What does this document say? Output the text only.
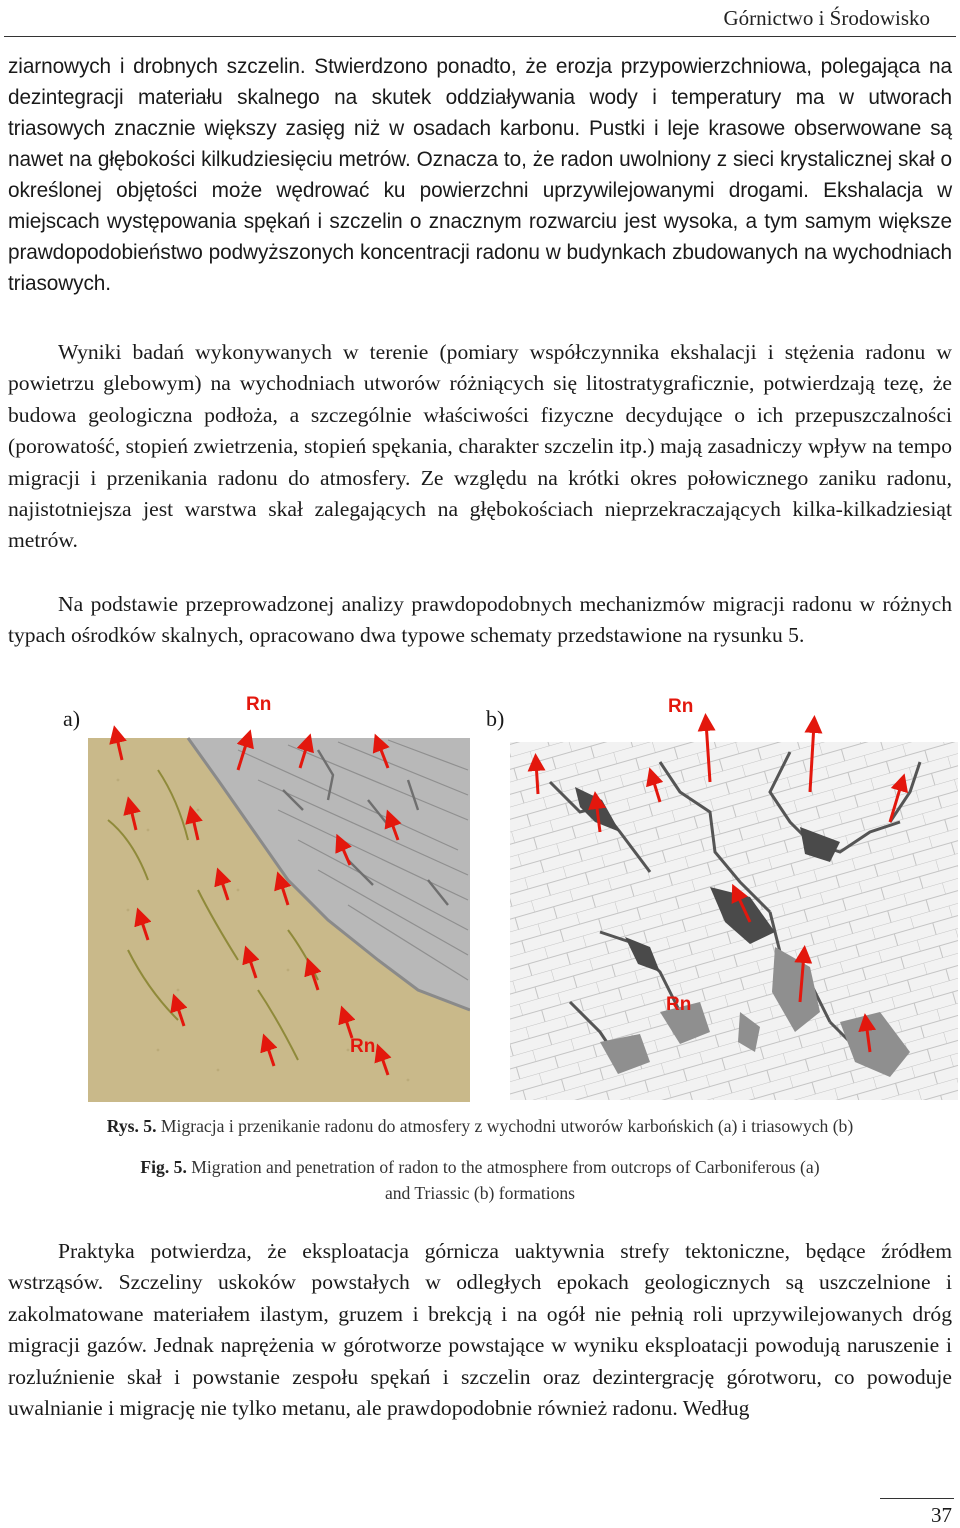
Górnictwo i Środowisko

ziarnowych i drobnych szczelin. Stwierdzono ponadto, że erozja przypowierzchniowa, polegająca na dezintegracji materiału skalnego na skutek oddziaływania wody i temperatury ma w utworach triasowych znacznie większy zasięg niż w osadach karbonu. Pustki i leje krasowe obserwowane są nawet na głębokości kilkudziesięciu metrów. Oznacza to, że radon uwolniony z sieci krystalicznej skał o określonej objętości może wędrować ku powierzchni uprzywilejowanymi drogami. Ekshalacja w miejscach występowania spękań i szczelin o znacznym rozwarciu jest wysoka, a tym samym większe prawdopodobieństwo podwyższonych koncentracji radonu w budynkach zbudowanych na wychodniach triasowych.

Wyniki badań wykonywanych w terenie (pomiary współczynnika ekshalacji i stężenia radonu w powietrzu glebowym) na wychodniach utworów różniących się litostratygraficznie, potwierdzają tezę, że budowa geologiczna podłoża, a szczególnie właściwości fizyczne decydujące o ich przepuszczalności (porowatość, stopień zwietrzenia, stopień spękania, charakter szczelin itp.) mają zasadniczy wpływ na tempo migracji i przenikania radonu do atmosfery. Ze względu na krótki okres połowicznego zaniku radonu, najistotniejsza jest warstwa skał zalegających na głębokościach nieprzekraczających kilka-kilkadziesiąt metrów.

Na podstawie przeprowadzonej analizy prawdopodobnych mechanizmów migracji radonu w różnych typach ośrodków skalnych, opracowano dwa typowe schematy przedstawione na rysunku 5.

a)	b)
Rn
Rn
Rn
Rn
Rys. 5. Migracja i przenikanie radonu do atmosfery z wychodni utworów karbońskich (a) i triasowych (b)
Fig. 5. Migration and penetration of radon to the atmosphere from outcrops of Carboniferous (a)
and Triassic (b) formations

Praktyka potwierdza, że eksploatacja górnicza uaktywnia strefy tektoniczne, będące źródłem wstrząsów. Szczeliny uskoków powstałych w odległych epokach geologicznych są uszczelnione i zakolmatowane materiałem ilastym, gruzem i brekcją i na ogół nie pełnią roli uprzywilejowanych dróg migracji gazów. Jednak naprężenia w górotworze powstające w wyniku eksploatacji powodują naruszenie i rozluźnienie skał i powstanie zespołu spękań i szczelin oraz dezintergrację górotworu, co powoduje uwalnianie i migrację nie tylko metanu, ale prawdopodobnie również radonu. Według

37
